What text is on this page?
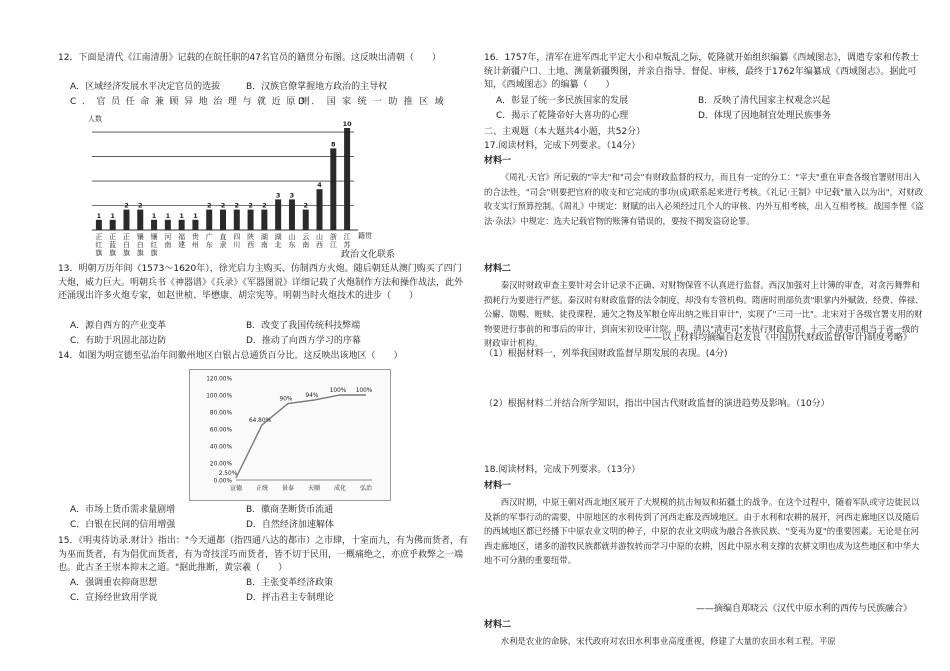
12．下面是清代《江南清册》记载的在皖任职的47名官员的籍贯分布图。这反映出清朝（　　）
A．区域经济发展水平决定官员的选拔	B．汉族官僚掌握地方政治的主导权
C．官员任命兼顾异地治理与就近原则
D．国家统一助推区域
人数
1 1
2 2
1 1 1 1
2 2 2 2 2
3 3
2
4
8
10
正红旗
正蓝旗
正白旗
镶白旗
镶红旗
河南
福建
贵州
广东
直隶
四川
陕西
湖南
湖北
山东
云南
山西
浙江
江苏
籍贯
政治文化联系
13．明朝万历年间（1573～1620年），徐光启力主购买、仿制西方火炮。随后朝廷从澳门购买了四门大炮，威力巨大。明朝兵书《神器谱》《兵录》《军器图说》详细记载了火炮制作方法和操作战法，此外还涌现出许多火炮专家，如赵世桢、毕懋康、胡宗宪等。明朝当时火炮技术的进步（　　）
A．源自西方的产业变革	B．改变了我国传统科技弊端
C．有助于巩固北部边防	D．推动了向西方学习的序幕
14．如图为明宣德至弘治年间徽州地区白银占总通货百分比。这反映出该地区（　　）
0.00%
20.00%
40.00%
60.00%
80.00%
100.00%
120.00%
2.50%
64.80%
90%
94%
100% 100%
宣德 正统 景泰 天顺 成化 弘治
A．市场上货币需求量剧增	B．徽商垄断货币流通
C．白银在民间的信用增强	D．自然经济加速解体
15．《明夷待访录.财计》指出："今天通都（指四通八达的都市）之市肆，十室而九，有为佛而货者，有为巫而货者，有为倡优而货者，有为奇技淫巧而货者，皆不切于民用，一概痛绝之，亦庶乎救弊之一端也。此古圣王崇本抑末之道。"据此推断，黄宗羲（　　）
A．强调重农抑商思想	B．主张变革经济政策
C．宣扬经世致用学说	D．抨击君主专制理论
16．1757年，清军在进军西北平定大小和卓叛乱之际，乾隆就开始组织编纂《西域图志》，调遣专家和传教士统计新疆户口、土地、测量新疆舆图，并亲自指导、督促、审核，最终于1762年编纂成《西域图志》。据此可知，《西域图志》的编纂（　　）
A．彰显了统一多民族国家的发展	B．反映了清代国家主权观念兴起
C．揭示了乾隆帝好大喜功的心理	D．体现了因地制宜处理民族事务
二、主观题（本大题共4小题，共52分）
17.阅读材料，完成下列要求。（14分）
材料一
《周礼·天官》所记载的"宰夫"和"司会"有财政监督的权力，而且有一定的分工："宰夫"重在审查各级官署财用出入的合法性，"司会"则要把官府的收支和它完成的事功(成)联系起来进行考核。《礼记·王制》中记载"量入以为出"，对财政收支实行预算控制。《周礼》中规定：财賦的出入必须经过几个人的审核、内外互相考核，出入互相考核。战国李悝《盗法·杂法》中规定：选夫记载官物的账簿有错误的，要按不揭发盗窃论罪。
材料二
秦汉时财政审查主要针对会计记录不正确、对财物保管不认真进行监督。西汉加强对上计簿的审查，对贪污舞弊和损耗行为要进行严惩。秦汉时有财政监督的法令制度，却没有专管机构。隋唐时刑部负责"职掌内外赋敛、经费、俸禄、公廨、勋赐、赃赎、徒役课程、逋欠之物及军粮仓库出纳之账目审计"，实现了"三司一比"。北宋对于各级官署支用的财物要进行事前的和事后的审计，到南宋初设审计院。明、清以"清吏司"来执行财政监督。十三个清吏司相当于省一级的财政审计机构。
——以上材料均摘编自赵友良《中国历代财政监督(审计)制度考略》
（1）根据材料一，列举我国财政监督早期发展的表现。(4分)
（2）根据材料二并结合所学知识，指出中国古代财政监督的演进趋势及影响。（10分）
18.阅读材料，完成下列要求。（13分）
材料一
西汉时期，中原王朝对西北地区展开了大规模的抗击匈奴和拓疆土的战争。在这个过程中，随着军队或守边徙民以及新的军事行动的需要，中原地区的水利传到了河西走廊及西域地区。由于水利和农耕的展开，河西走廊地区以及随后的西域地区都已经播下中原农业文明的种子，中原的农业文明成为融合各族民族、"变夷为夏"的重要因素。无论是在河西走廊地区，诸多的游牧民族都就并游牧转而学习中原的农耕，因此中原水利支撑的农耕文明也成为这些地区和中华大地不可分割的重要纽带。
——摘编自郑晓云《汉代中原水利的西传与民族融合》
材料二
水利是农业的命脉，宋代政府对农田水利事业高度重视，修建了大量的农田水利工程。平原
